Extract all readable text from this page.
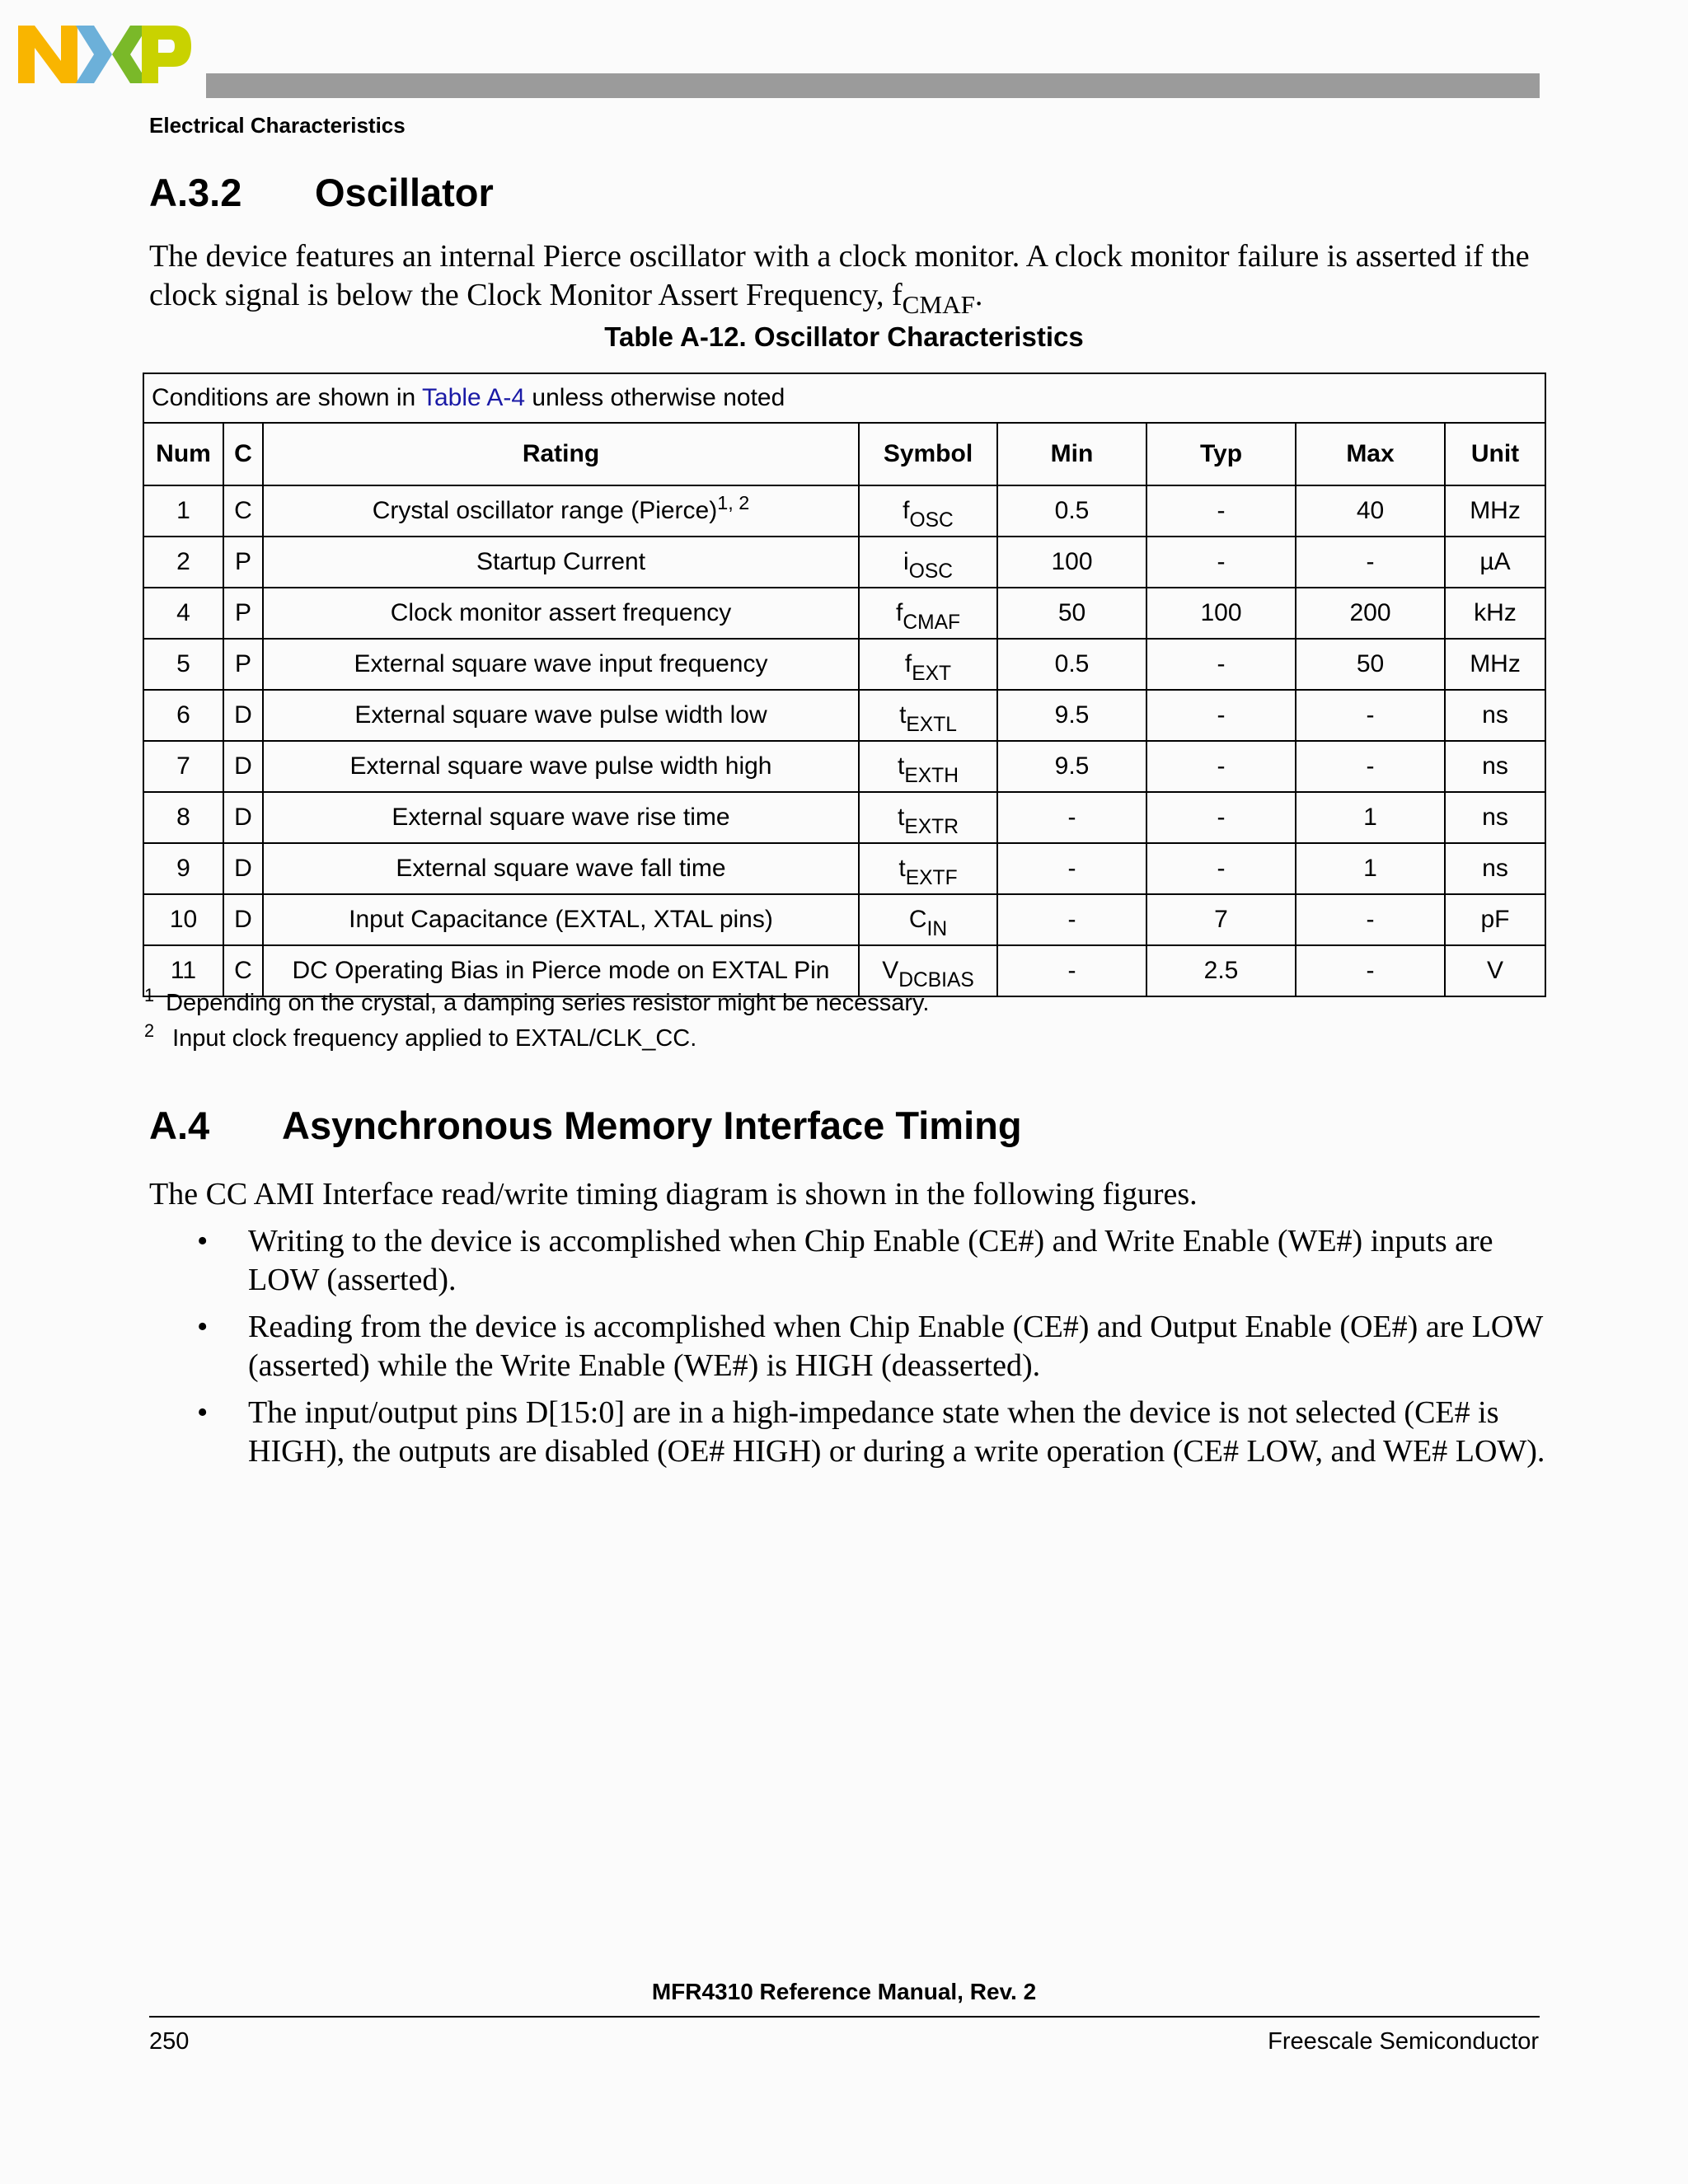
Electrical Characteristics
A.3.2 Oscillator
The device features an internal Pierce oscillator with a clock monitor. A clock monitor failure is asserted if the clock signal is below the Clock Monitor Assert Frequency, $f_{CMAF}$.
Table A-12. Oscillator Characteristics
Conditions are shown in Table A-4 unless otherwise noted							
Num	C	Rating	Symbol	Min	Typ	Max	Unit
1	C	Crystal oscillator range (Pierce)$^{1, 2}$	$f_{OSC}$	0.5	-	40	MHz
2	P	Startup Current	$i_{OSC}$	100	-	-	µA
4	P	Clock monitor assert frequency	$f_{CMAF}$	50	100	200	kHz
5	P	External square wave input frequency	$f_{EXT}$	0.5	-	50	MHz
6	D	External square wave pulse width low	$t_{EXTL}$	9.5	-	-	ns
7	D	External square wave pulse width high	$t_{EXTH}$	9.5	-	-	ns
8	D	External square wave rise time	$t_{EXTR}$	-	-	1	ns
9	D	External square wave fall time	$t_{EXTF}$	-	-	1	ns
10	D	Input Capacitance (EXTAL, XTAL pins)	$C_{IN}$	-	7	-	pF
11	C	DC Operating Bias in Pierce mode on EXTAL Pin	$V_{DCBIAS}$	-	2.5	-	V
$^1$ Depending on the crystal, a damping series resistor might be necessary.
$^2$ Input clock frequency applied to EXTAL/CLK_CC.
A.4 Asynchronous Memory Interface Timing
The CC AMI Interface read/write timing diagram is shown in the following figures.
• Writing to the device is accomplished when Chip Enable (CE#) and Write Enable (WE#) inputs are LOW (asserted).
• Reading from the device is accomplished when Chip Enable (CE#) and Output Enable (OE#) are LOW (asserted) while the Write Enable (WE#) is HIGH (deasserted).
• The input/output pins D[15:0] are in a high-impedance state when the device is not selected (CE# is HIGH), the outputs are disabled (OE# HIGH) or during a write operation (CE# LOW, and WE# LOW).
MFR4310 Reference Manual, Rev. 2
250	Freescale Semiconductor
